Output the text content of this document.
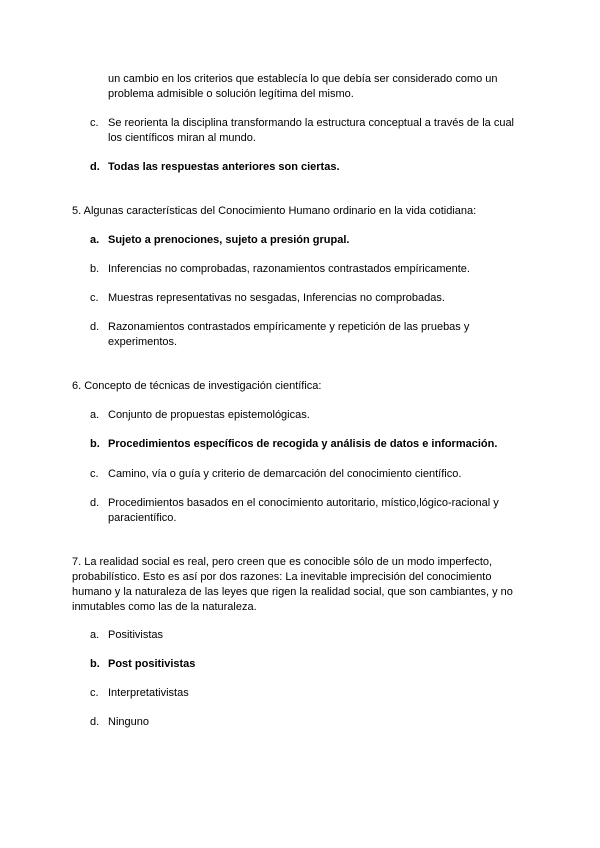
un cambio en los criterios que establecía lo que debía ser considerado como un problema admisible o solución legítima del mismo.
c. Se reorienta la disciplina transformando la estructura conceptual a través de la cual los científicos miran al mundo.
d. Todas las respuestas anteriores son ciertas.
5. Algunas características del Conocimiento Humano ordinario en la vida cotidiana:
a. Sujeto a prenociones, sujeto a presión grupal.
b. Inferencias no comprobadas, razonamientos contrastados empíricamente.
c. Muestras representativas no sesgadas, Inferencias no comprobadas.
d. Razonamientos contrastados empíricamente y repetición de las pruebas y experimentos.
6. Concepto de técnicas de investigación científica:
a. Conjunto de propuestas epistemológicas.
b. Procedimientos específicos de recogida y análisis de datos e información.
c. Camino, vía o guía y criterio de demarcación del conocimiento científico.
d. Procedimientos basados en el conocimiento autoritario, místico,lógico-racional y paracientífico.
7. La realidad social es real, pero creen que es conocible sólo de un modo imperfecto, probabilístico. Esto es así por dos razones: La inevitable imprecisión del conocimiento humano y la naturaleza de las leyes que rigen la realidad social, que son cambiantes, y no inmutables como las de la naturaleza.
a. Positivistas
b. Post positivistas
c. Interpretativistas
d. Ninguno
